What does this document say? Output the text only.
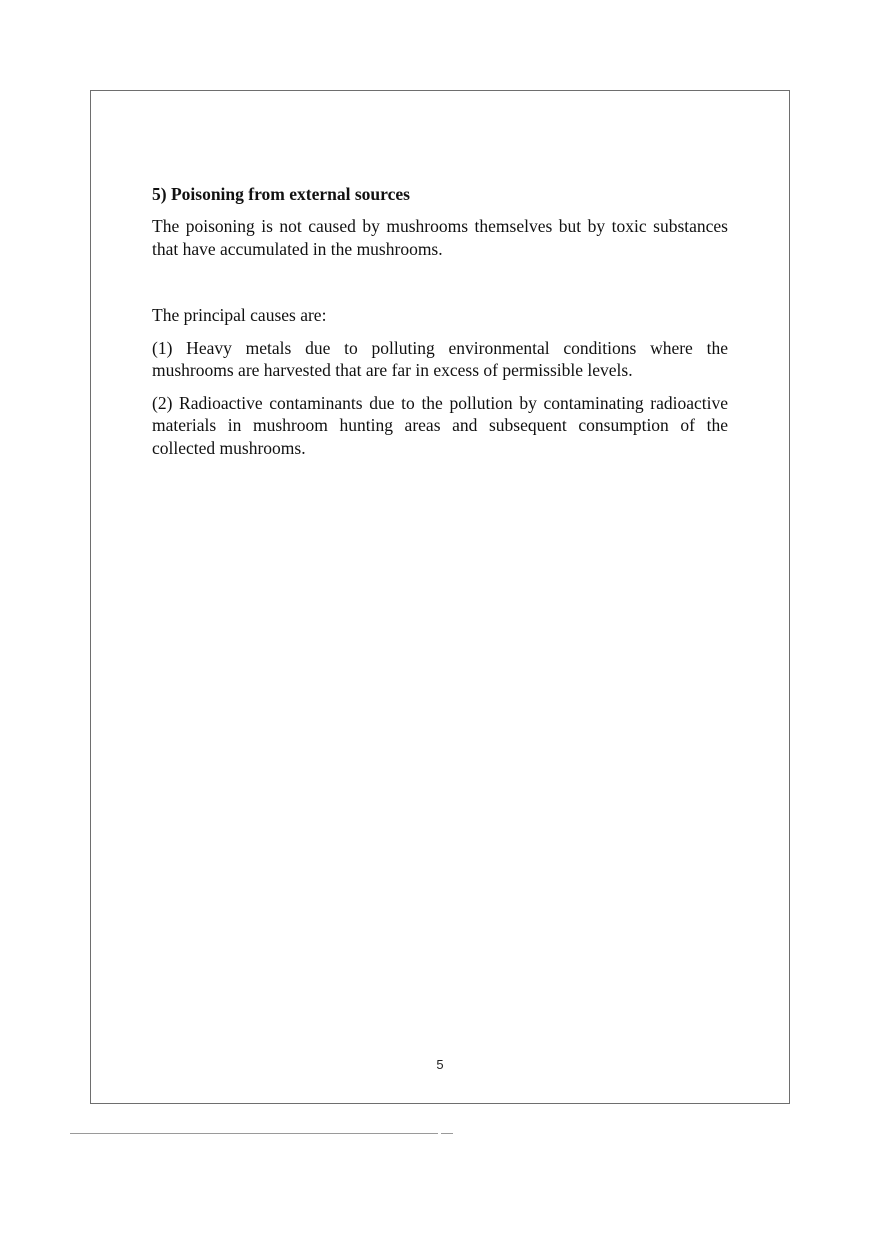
5) Poisoning from external sources

The poisoning is not caused by mushrooms themselves but by toxic substances that have accumulated in the mushrooms.

The principal causes are:

(1) Heavy metals due to polluting environmental conditions where the mushrooms are harvested that are far in excess of permissible levels.

(2) Radioactive contaminants due to the pollution by contaminating radioactive materials in mushroom hunting areas and subsequent consumption of the collected mushrooms.

5
